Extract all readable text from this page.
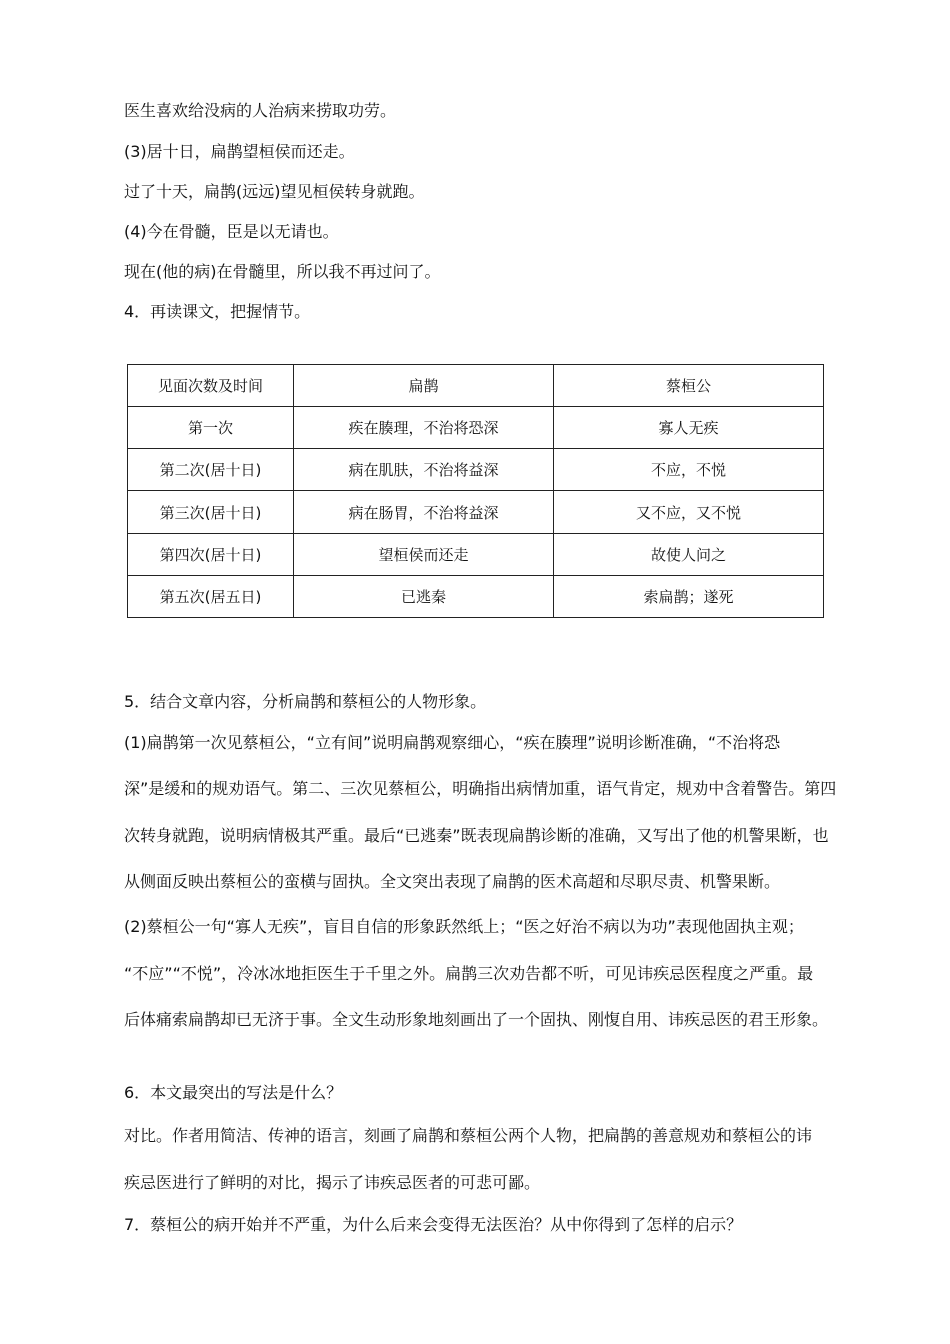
医生喜欢给没病的人治病来捞取功劳。
(3)居十日，扁鹊望桓侯而还走。
过了十天，扁鹊(远远)望见桓侯转身就跑。
(4)今在骨髓，臣是以无请也。
现在(他的病)在骨髓里，所以我不再过问了。
4．再读课文，把握情节。
见面次数及时间	扁鹊	蔡桓公
第一次	疾在腠理，不治将恐深	寡人无疾
第二次(居十日)	病在肌肤，不治将益深	不应，不悦
第三次(居十日)	病在肠胃，不治将益深	又不应，又不悦
第四次(居十日)	望桓侯而还走	故使人问之
第五次(居五日)	已逃秦	索扁鹊；遂死
5．结合文章内容，分析扁鹊和蔡桓公的人物形象。
(1)扁鹊第一次见蔡桓公，“立有间”说明扁鹊观察细心，“疾在腠理”说明诊断准确，“不治将恐
深”是缓和的规劝语气。第二、三次见蔡桓公，明确指出病情加重，语气肯定，规劝中含着警告。第四
次转身就跑，说明病情极其严重。最后“已逃秦”既表现扁鹊诊断的准确，又写出了他的机警果断，也
从侧面反映出蔡桓公的蛮横与固执。全文突出表现了扁鹊的医术高超和尽职尽责、机警果断。
(2)蔡桓公一句“寡人无疾”，盲目自信的形象跃然纸上；“医之好治不病以为功”表现他固执主观；
“不应”“不悦”，冷冰冰地拒医生于千里之外。扁鹊三次劝告都不听，可见讳疾忌医程度之严重。最
后体痛索扁鹊却已无济于事。全文生动形象地刻画出了一个固执、刚愎自用、讳疾忌医的君王形象。
6．本文最突出的写法是什么？
对比。作者用简洁、传神的语言，刻画了扁鹊和蔡桓公两个人物，把扁鹊的善意规劝和蔡桓公的讳
疾忌医进行了鲜明的对比，揭示了讳疾忌医者的可悲可鄙。
7．蔡桓公的病开始并不严重，为什么后来会变得无法医治？从中你得到了怎样的启示？
